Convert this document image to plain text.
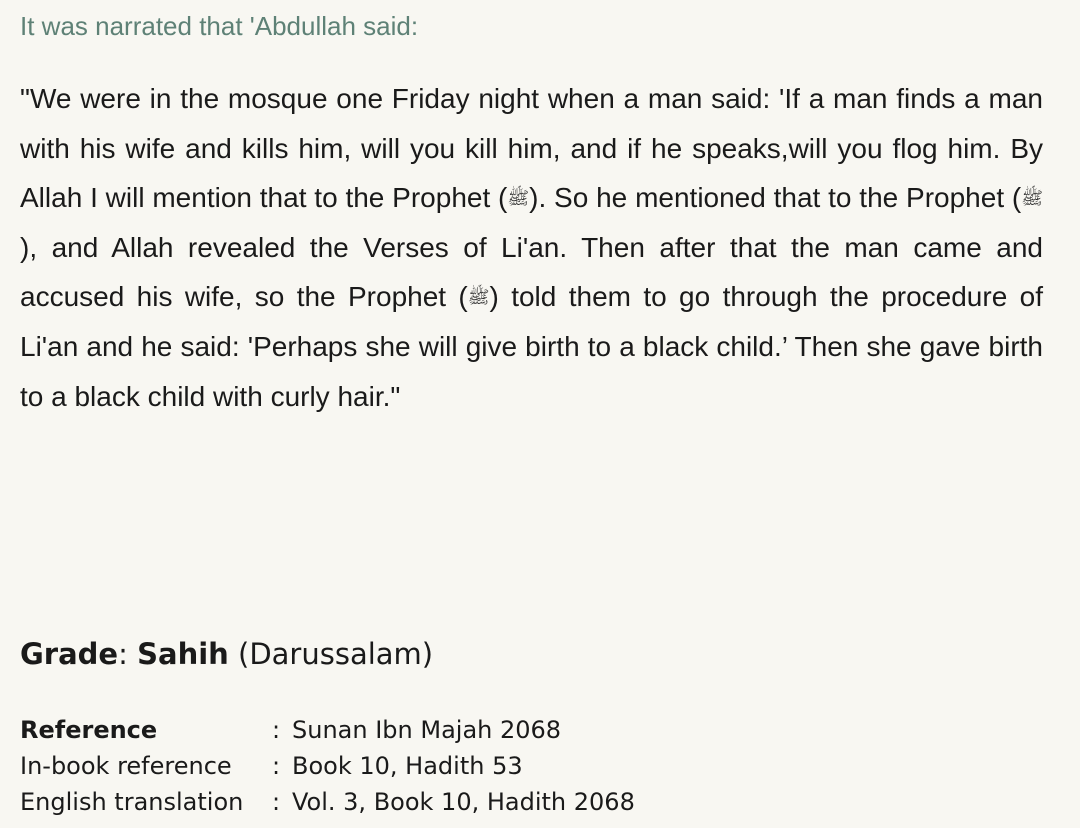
It was narrated that 'Abdullah said:

"We were in the mosque one Friday night when a man said: 'If a man finds a man with his wife and kills him, will you kill him, and if he speaks,will you flog him. By Allah I will mention that to the Prophet (ﷺ). So he mentioned that to the Prophet (ﷺ), and Allah revealed the Verses of Li'an. Then after that the man came and accused his wife, so the Prophet (ﷺ) told them to go through the procedure of Li'an and he said: 'Perhaps she will give birth to a black child.’ Then she gave birth to a black child with curly hair."

Grade: Sahih (Darussalam)

Reference	:	Sunan Ibn Majah 2068
In-book reference	:	Book 10, Hadith 53
English translation	:	Vol. 3, Book 10, Hadith 2068
